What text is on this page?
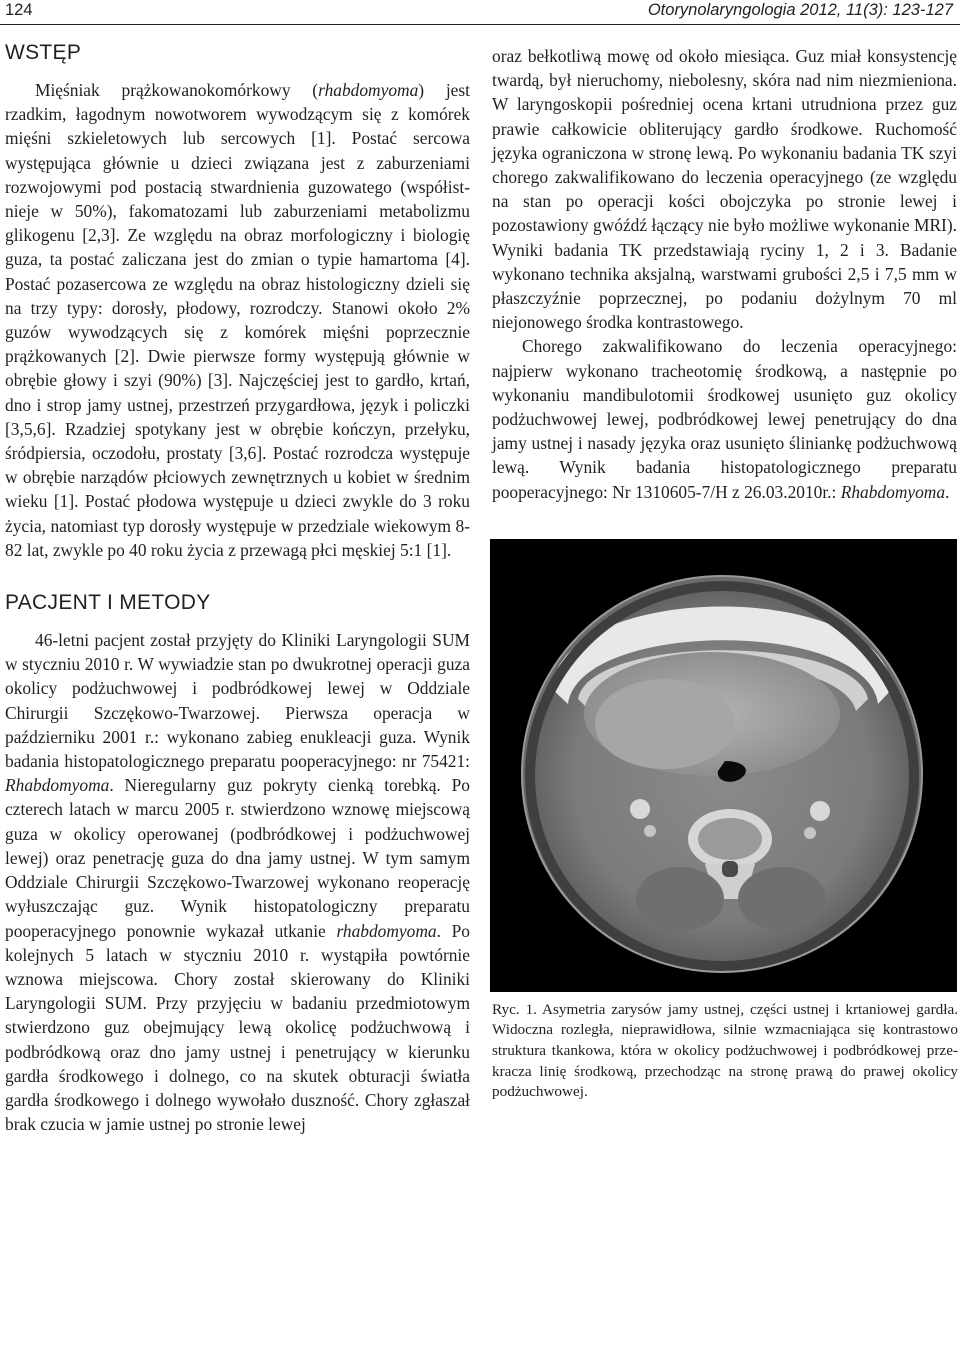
124	Otorynolaryngologia 2012, 11(3): 123-127
WSTĘP

Mięśniak prążkowanokomórkowy (rhabdomyoma) jest rzadkim, łagodnym nowotworem wywodzącym się z komórek mięśni szkieletowych lub sercowych [1]. Postać sercowa występująca głównie u dzieci związana jest z zaburzeniami rozwojowymi pod postacią stwardnienia guzowatego (współistnieje w 50%), fakomatozami lub zaburzeniami metabolizmu glikogenu [2,3]. Ze względu na obraz morfologiczny i biologię guza, ta postać zaliczana jest do zmian o typie hamartoma [4]. Postać pozasercowa ze względu na obraz histologiczny dzieli się na trzy typy: dorosły, płodowy, rozrodczy. Stanowi około 2% guzów wywodzących się z komórek mięśni poprzecznie prążkowanych [2]. Dwie pierwsze formy występują głównie w obrębie głowy i szyi (90%) [3]. Najczęściej jest to gardło, krtań, dno i strop jamy ustnej, przestrzeń przygardłowa, język i policzki [3,5,6]. Rzadziej spotykany jest w obrębie kończyn, przełyku, śródpiersia, oczodołu, prostaty [3,6]. Postać rozrodcza występuje w obrębie narządów płciowych zewnętrznych u kobiet w średnim wieku [1]. Postać płodowa występuje u dzieci zwykle do 3 roku życia, natomiast typ dorosły występuje w przedziale wiekowym 8-82 lat, zwykle po 40 roku życia z przewagą płci męskiej 5:1 [1].

PACJENT I METODY

46-letni pacjent został przyjęty do Kliniki Laryngologii SUM w styczniu 2010 r. W wywiadzie stan po dwukrotnej operacji guza okolicy podżuchwowej i podbródkowej lewej w Oddziale Chirurgii Szczękowo-Twarzowej. Pierwsza operacja w październiku 2001 r.: wykonano zabieg enukleacji guza. Wynik badania histopatologicznego preparatu pooperacyjnego: nr 75421: Rhabdomyoma. Nieregularny guz pokryty cienką torebką. Po czterech latach w marcu 2005 r. stwierdzono wznowę miejscową guza w okolicy operowanej (podbródkowej i podżuchwowej lewej) oraz penetrację guza do dna jamy ustnej. W tym samym Oddziale Chirurgii Szczękowo-Twarzowej wykonano reoperację wyłuszczając guz. Wynik histopatologiczny preparatu pooperacyjnego ponownie wykazał utkanie rhabdomyoma. Po kolejnych 5 latach w styczniu 2010 r. wystąpiła powtórnie wznowa miejscowa. Chory został skierowany do Kliniki Laryngologii SUM. Przy przyjęciu w badaniu przedmiotowym stwierdzono guz obejmujący lewą okolicę podżuchwową i podbródkową oraz dno jamy ustnej i penetrujący w kierunku gardła środkowego i dolnego, co na skutek obturacji światła gardła środkowego i dolnego wywołało duszność. Chory zgłaszał brak czucia w jamie ustnej po stronie lewej

oraz bełkotliwą mowę od około miesiąca. Guz miał konsystencję twardą, był nieruchomy, niebolesny, skóra nad nim niezmieniona. W laryngoskopii pośredniej ocena krtani utrudniona przez guz prawie całkowicie obliterujący gardło środkowe. Ruchomość języka ograniczona w stronę lewą. Po wykonaniu badania TK szyi chorego zakwalifikowano do leczenia operacyjnego (ze względu na stan po operacji kości obojczyka po stronie lewej i pozostawiony gwóźdź łączący nie było możliwe wykonanie MRI). Wyniki badania TK przedstawiają ryciny 1, 2 i 3. Badanie wykonano technika aksjalną, warstwami grubości 2,5 i 7,5 mm w płaszczyźnie poprzecznej, po podaniu dożylnym 70 ml niejonowego środka kontrastowego.

Chorego zakwalifikowano do leczenia operacyjnego: najpierw wykonano tracheotomię środkową, a następnie po wykonaniu mandibulotomii środkowej usunięto guz okolicy podżuchwowej lewej, podbródkowej lewej penetrujący do dna jamy ustnej i nasady języka oraz usunięto śliniankę podżuchwową lewą. Wynik badania histopatologicznego preparatu pooperacyjnego: Nr 1310605-7/H z 26.03.2010r.: Rhabdomyoma.

Ryc. 1. Asymetria zarysów jamy ustnej, części ustnej i krtaniowej gardła. Widoczna rozległa, nieprawidłowa, silnie wzmacniająca się kontrastowo struktura tkankowa, która w okolicy podżuchwowej i podbródkowej przekracza linię środkową, przechodząc na stronę prawą do prawej okolicy podżuchwowej.
